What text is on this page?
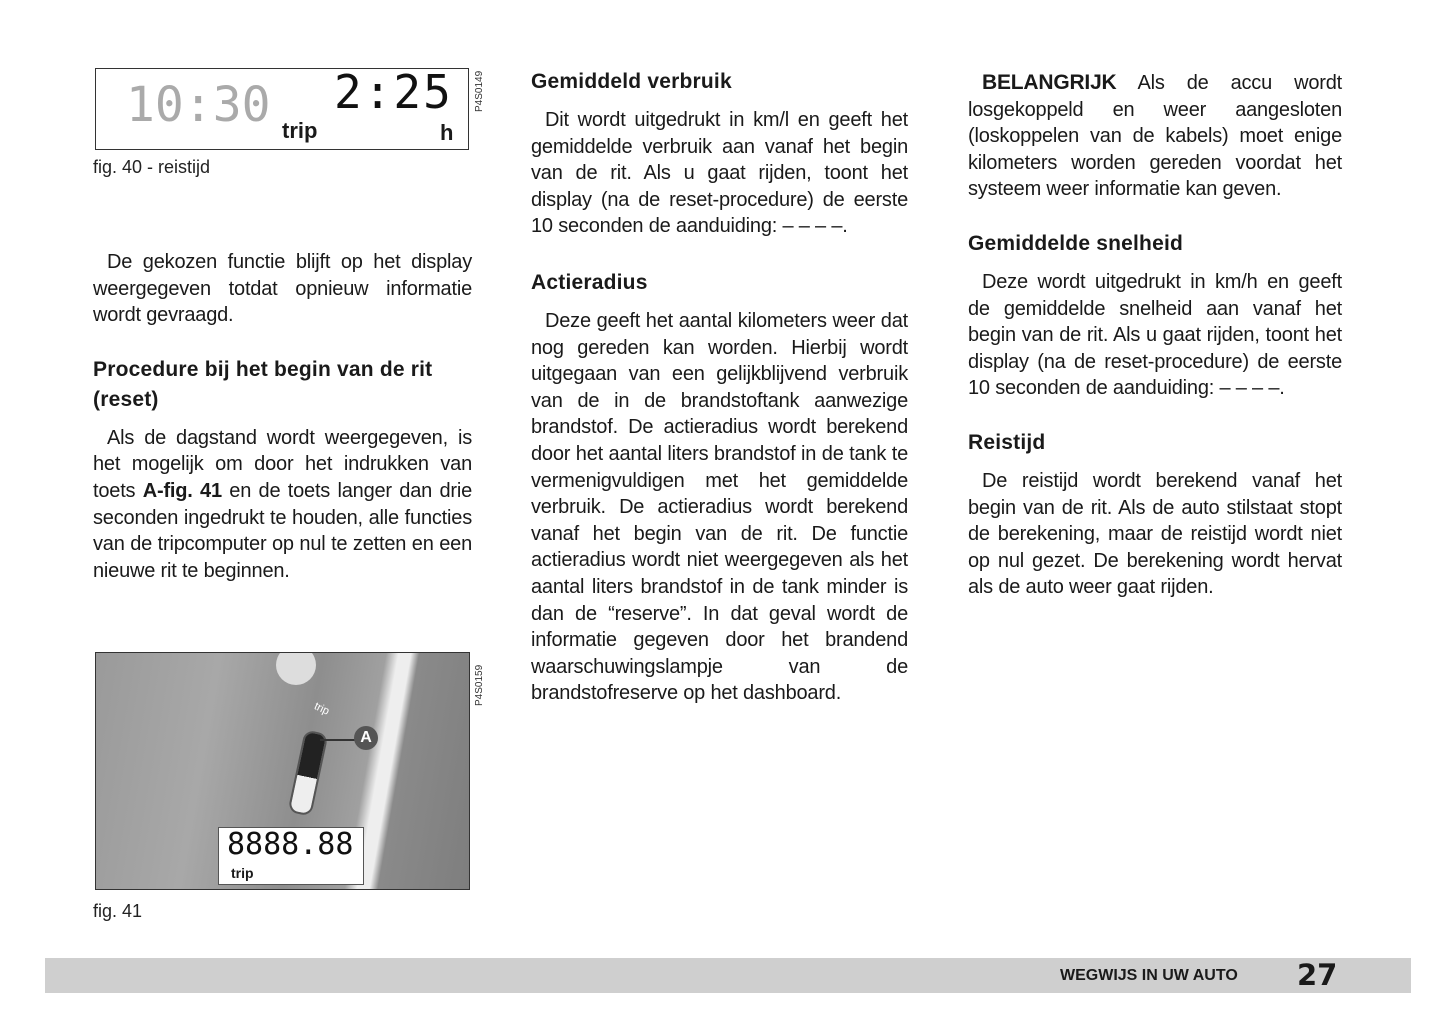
10:30 trip
2:25
h
P4S0149
fig. 40 - reistijd

De gekozen functie blijft op het display weergegeven totdat opnieuw informatie wordt gevraagd.

Procedure bij het begin van de rit (reset)

Als de dagstand wordt weergegeven, is het mogelijk om door het indrukken van toets A-fig. 41 en de toets langer dan drie seconden ingedrukt te houden, alle functies van de tripcomputer op nul te zetten en een nieuwe rit te beginnen.

trip
A
8888.88
trip
P4S0159
fig. 41
Gemiddeld verbruik

Dit wordt uitgedrukt in km/l en geeft het gemiddelde verbruik aan vanaf het begin van de rit. Als u gaat rijden, toont het display (na de reset-procedure) de eerste 10 seconden de aanduiding: – – – –.

Actieradius

Deze geeft het aantal kilometers weer dat nog gereden kan worden. Hierbij wordt uitgegaan van een gelijkblijvend verbruik van de in de brandstoftank aanwezige brandstof. De actieradius wordt berekend door het aantal liters brandstof in de tank te vermenigvuldigen met het gemiddelde verbruik. De actieradius wordt berekend vanaf het begin van de rit. De functie actieradius wordt niet weergegeven als het aantal liters brandstof in de tank minder is dan de “reserve”. In dat geval wordt de informatie gegeven door het brandend waarschuwingslampje van de brandstofreserve op het dashboard.

BELANGRIJK Als de accu wordt losgekoppeld en weer aangesloten (loskoppelen van de kabels) moet enige kilometers worden gereden voordat het systeem weer informatie kan geven.

Gemiddelde snelheid

Deze wordt uitgedrukt in km/h en geeft de gemiddelde snelheid aan vanaf het begin van de rit. Als u gaat rijden, toont het display (na de reset-procedure) de eerste 10 seconden de aanduiding: – – – –.

Reistijd

De reistijd wordt berekend vanaf het begin van de rit. Als de auto stilstaat stopt de berekening, maar de reistijd wordt niet op nul gezet. De berekening wordt hervat als de auto weer gaat rijden.

WEGWIJS IN UW AUTO 27
